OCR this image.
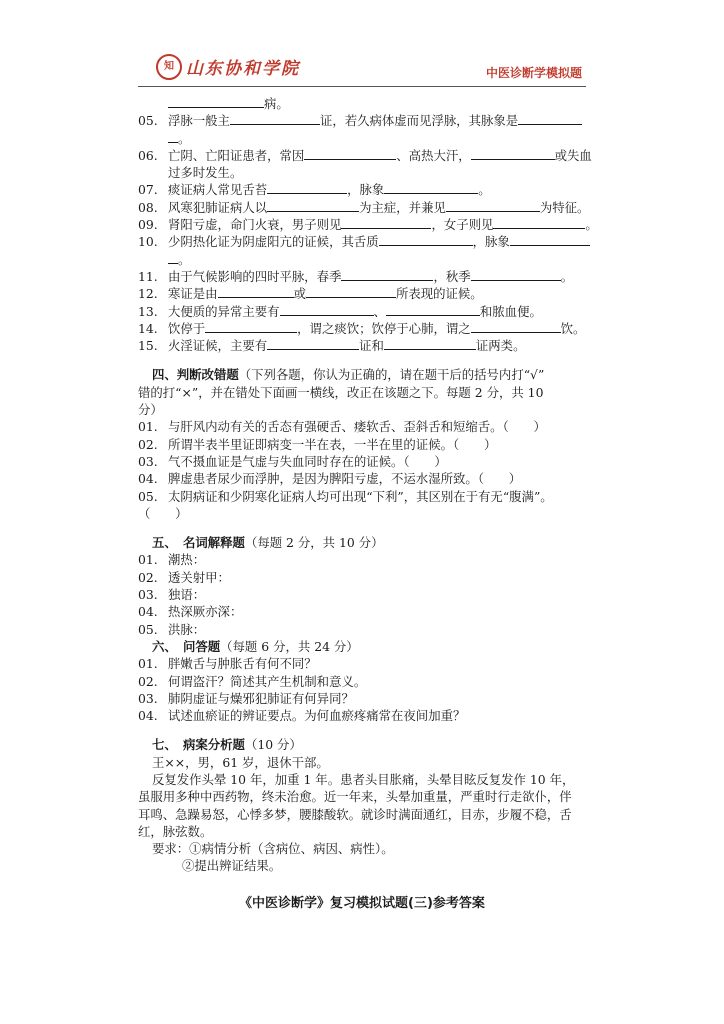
知 山东协和学院	中医诊断学模拟题
病。
05. 浮脉一般主	证，若久病体虚而见浮脉，其脉象是
。
06. 亡阴、亡阳证患者，常因	、高热大汗，	或失血
过多时发生。
07. 痰证病人常见舌苔	，脉象	。
08. 风寒犯肺证病人以	为主症，并兼见	为特征。
09. 肾阳亏虚，命门火衰，男子则见	，女子则见	。
10. 少阴热化证为阴虚阳亢的证候，其舌质	，脉象
。
11. 由于气候影响的四时平脉，春季	，秋季	。
12. 寒证是由	或	所表现的证候。
13. 大便质的异常主要有	、	和脓血便。
14. 饮停于	，谓之痰饮；饮停于心肺，谓之	饮。
15. 火淫证候，主要有	证和	证两类。
四、判断改错题（下列各题，你认为正确的，请在题干后的括号内打“√”
错的打“×”，并在错处下面画一横线，改正在该题之下。每题 2 分，共 10
分）
01. 与肝风内动有关的舌态有强硬舌、痿软舌、歪斜舌和短缩舌。（　　）
02. 所谓半表半里证即病变一半在表，一半在里的证候。（　　）
03. 气不摄血证是气虚与失血同时存在的证候。（　　）
04. 脾虚患者尿少而浮肿，是因为脾阳亏虚，不运水湿所致。（　　）
05. 太阴病证和少阴寒化证病人均可出现“下利”，其区别在于有无“腹满”。
（　　）
五、　名词解释题（每题 2 分，共 10 分）
01. 潮热：
02. 透关射甲：
03. 独语：
04. 热深厥亦深：
05. 洪脉：
六、　问答题（每题 6 分，共 24 分）
01. 胖嫩舌与肿胀舌有何不同？
02. 何谓盗汗？简述其产生机制和意义。
03. 肺阴虚证与燥邪犯肺证有何异同？
04. 试述血瘀证的辨证要点。为何血瘀疼痛常在夜间加重？
七、　病案分析题（10 分）
王××，男，61 岁，退休干部。
反复发作头晕 10 年，加重 1 年。患者头目胀痛，头晕目眩反复发作 10 年，
虽服用多种中西药物，终未治愈。近一年来，头晕加重量，严重时行走欲仆，伴
耳鸣、急躁易怒，心悸多梦，腰膝酸软。就诊时满面通红，目赤，步履不稳，舌
红，脉弦数。
要求：①病情分析（含病位、病因、病性）。
②提出辨证结果。
《中医诊断学》复习模拟试题(三)参考答案
